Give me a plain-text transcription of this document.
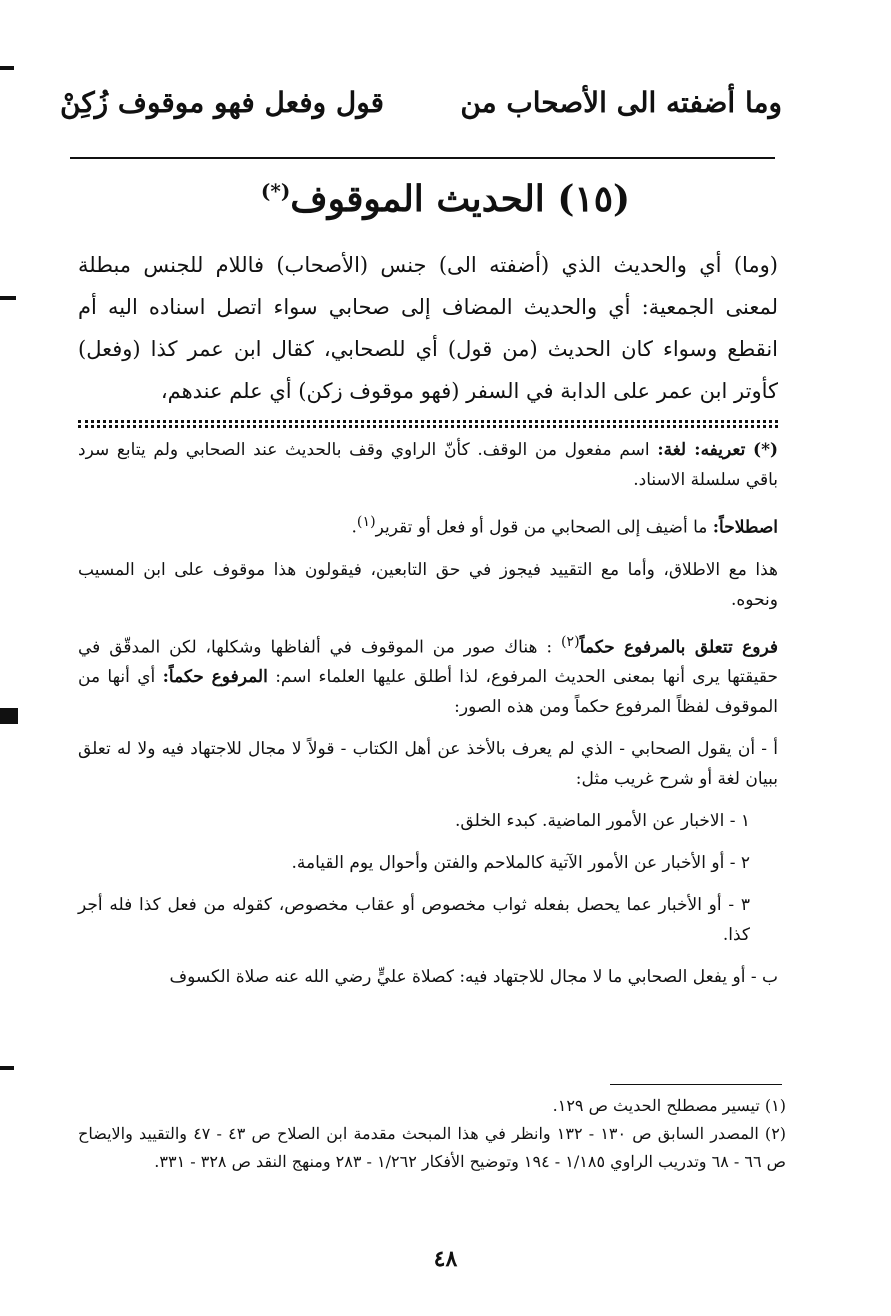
وما أضفته الى الأصحاب من
قول وفعل فهو موقوف زُكِنْ
(١٥) الحديث الموقوف(*)

(وما) أي والحديث الذي (أضفته الى) جنس (الأصحاب) فاللام للجنس مبطلة لمعنى الجمعية: أي والحديث المضاف إلى صحابي سواء اتصل اسناده اليه أم انقطع وسواء كان الحديث (من قول) أي للصحابي، كقال ابن عمر كذا (وفعل) كأوتر ابن عمر على الدابة في السفر (فهو موقوف زكن) أي علم عندهم،

(*) تعريفه: لغة: اسم مفعول من الوقف. كأنّ الراوي وقف بالحديث عند الصحابي ولم يتابع سرد باقي سلسلة الاسناد.

اصطلاحاً: ما أضيف إلى الصحابي من قول أو فعل أو تقرير$^{(١)}$.

هذا مع الاطلاق، وأما مع التقييد فيجوز في حق التابعين، فيقولون هذا موقوف على ابن المسيب ونحوه.

فروع تتعلق بالمرفوع حكماً$^{(٢)}$ : هناك صور من الموقوف في ألفاظها وشكلها، لكن المدقّق في حقيقتها يرى أنها بمعنى الحديث المرفوع، لذا أطلق عليها العلماء اسم: المرفوع حكماً: أي أنها من الموقوف لفظاً المرفوع حكماً ومن هذه الصور:

أ - أن يقول الصحابي - الذي لم يعرف بالأخذ عن أهل الكتاب - قولاً لا مجال للاجتهاد فيه ولا له تعلق ببيان لغة أو شرح غريب مثل:

١ - الاخبار عن الأمور الماضية. كبدء الخلق.

٢ - أو الأخبار عن الأمور الآتية كالملاحم والفتن وأحوال يوم القيامة.

٣ - أو الأخبار عما يحصل بفعله ثواب مخصوص أو عقاب مخصوص، كقوله من فعل كذا فله أجر كذا.

ب - أو يفعل الصحابي ما لا مجال للاجتهاد فيه: كصلاة عليٍّ رضي الله عنه صلاة الكسوف

(١) تيسير مصطلح الحديث ص ١٢٩.

(٢) المصدر السابق ص ١٣٠ - ١٣٢ وانظر في هذا المبحث مقدمة ابن الصلاح ص ٤٣ - ٤٧ والتقييد والايضاح ص ٦٦ - ٦٨ وتدريب الراوي ١/١٨٥ - ١٩٤ وتوضيح الأفكار ١/٢٦٢ - ٢٨٣ ومنهج النقد ص ٣٢٨ - ٣٣١.

٤٨
